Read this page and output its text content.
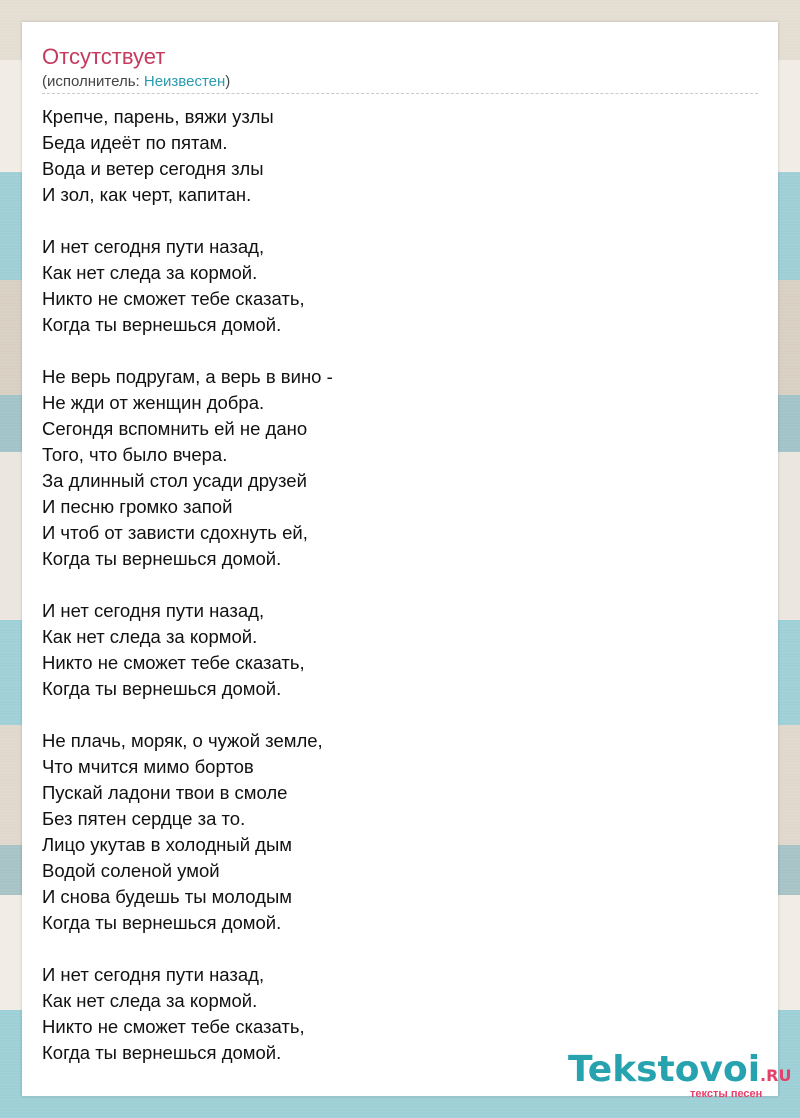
Отсутствует
(исполнитель: Неизвестен)
Крепче, парень, вяжи узлы
Беда идеёт по пятам.
Вода и ветер сегодня злы
И зол, как черт, капитан.
И нет сегодня пути назад,
Как нет следа за кормой.
Никто не сможет тебе сказать,
Когда ты вернешься домой.
Не верь подругам, а верь в вино -
Не жди от женщин добра.
Сегондя вспомнить ей не дано
Того, что было вчера.
За длинный стол усади друзей
И песню громко запой
И чтоб от зависти сдохнуть ей,
Когда ты вернешься домой.
И нет сегодня пути назад,
Как нет следа за кормой.
Никто не сможет тебе сказать,
Когда ты вернешься домой.
Не плачь, моряк, о чужой земле,
Что мчится мимо бортов
Пускай ладони твои в смоле
Без пятен сердце за то.
Лицо укутав в холодный дым
Водой соленой умой
И снова будешь ты молодым
Когда ты вернешься домой.
И нет сегодня пути назад,
Как нет следа за кормой.
Никто не сможет тебе сказать,
Когда ты вернешься домой.	Tekstovoi.RU
тексты песен
